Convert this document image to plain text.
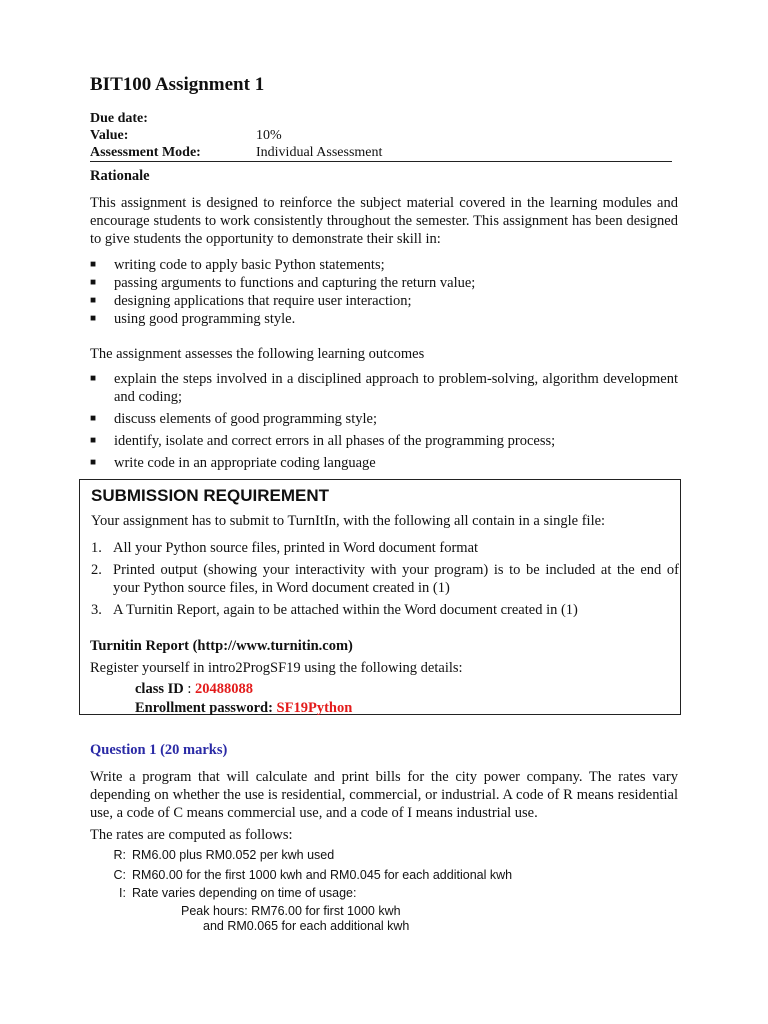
BIT100 Assignment 1
Due date:
Value:	10%
Assessment Mode:	Individual Assessment
Rationale

This assignment is designed to reinforce the subject material covered in the learning modules and encourage students to work consistently throughout the semester. This assignment has been designed to give students the opportunity to demonstrate their skill in:

■ writing code to apply basic Python statements;
■ passing arguments to functions and capturing the return value;
■ designing applications that require user interaction;
■ using good programming style.

The assignment assesses the following learning outcomes

■ explain the steps involved in a disciplined approach to problem-solving, algorithm development and coding;
■ discuss elements of good programming style;
■ identify, isolate and correct errors in all phases of the programming process;
■ write code in an appropriate coding language
SUBMISSION REQUIREMENT

Your assignment has to submit to TurnItIn, with the following all contain in a single file:

1. All your Python source files, printed in Word document format
2. Printed output (showing your interactivity with your program) is to be included at the end of your Python source files, in Word document created in (1)
3. A Turnitin Report, again to be attached within the Word document created in (1)

Turnitin Report (http://www.turnitin.com)

Register yourself in intro2ProgSF19 using the following details:

class ID : 20488088
Enrollment password: SF19Python
Question 1 (20 marks)

Write a program that will calculate and print bills for the city power company. The rates vary depending on whether the use is residential, commercial, or industrial. A code of R means residential use, a code of C means commercial use, and a code of I means industrial use.

The rates are computed as follows:

R: RM6.00 plus RM0.052 per kwh used
C: RM60.00 for the first 1000 kwh and RM0.045 for each additional kwh
I: Rate varies depending on time of usage:
Peak hours: RM76.00 for first 1000 kwh
and RM0.065 for each additional kwh
